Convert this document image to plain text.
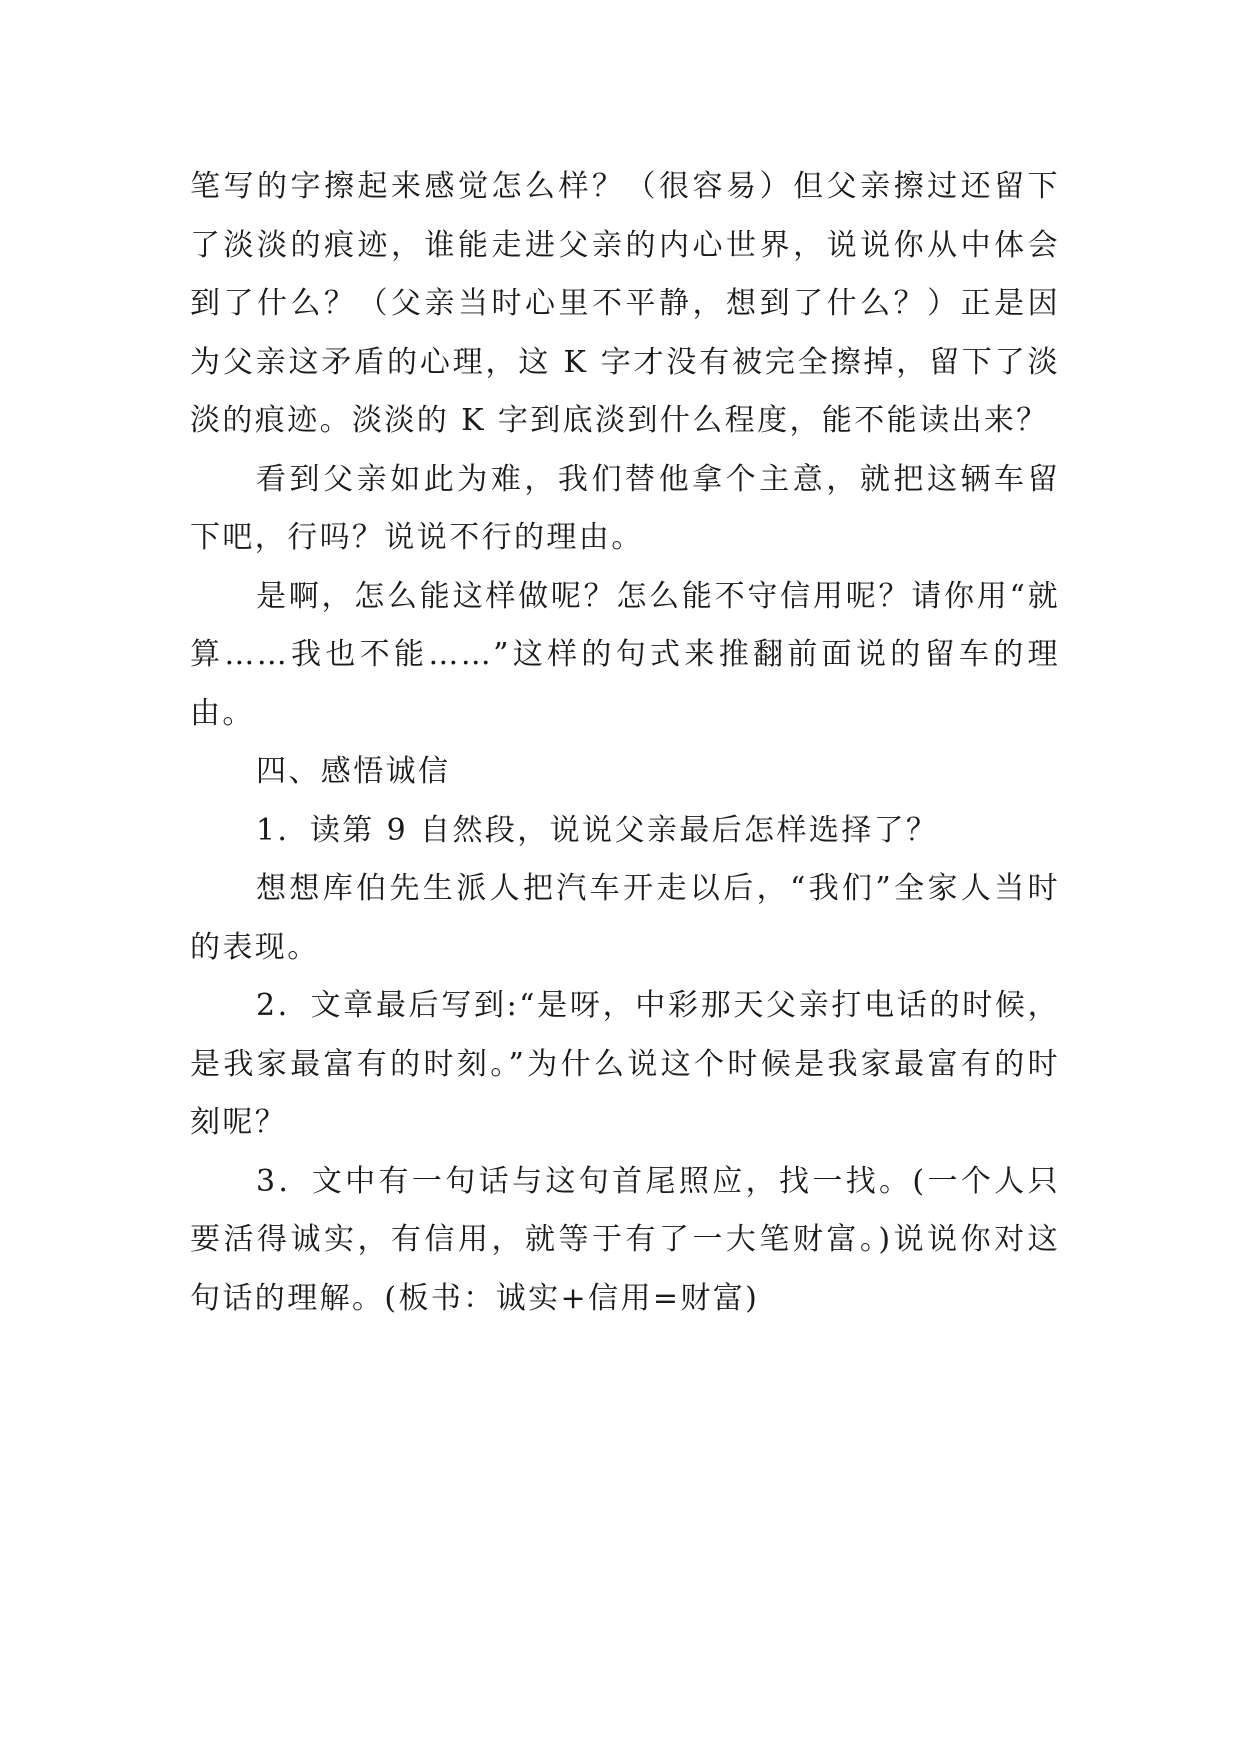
笔写的字擦起来感觉怎么样？（很容易）但父亲擦过还留下了淡淡的痕迹，谁能走进父亲的内心世界，说说你从中体会到了什么？（父亲当时心里不平静，想到了什么？）正是因为父亲这矛盾的心理，这 K 字才没有被完全擦掉，留下了淡淡的痕迹。淡淡的 K 字到底淡到什么程度，能不能读出来？

看到父亲如此为难，我们替他拿个主意，就把这辆车留下吧，行吗？说说不行的理由。

是啊，怎么能这样做呢？怎么能不守信用呢？请你用“就算……我也不能……”这样的句式来推翻前面说的留车的理由。

四、感悟诚信

1．读第 9 自然段，说说父亲最后怎样选择了？

想想库伯先生派人把汽车开走以后，“我们”全家人当时的表现。

2．文章最后写到:“是呀，中彩那天父亲打电话的时候，是我家最富有的时刻。”为什么说这个时候是我家最富有的时刻呢？

3．文中有一句话与这句首尾照应，找一找。(一个人只要活得诚实，有信用，就等于有了一大笔财富。)说说你对这句话的理解。(板书：诚实+信用=财富)
